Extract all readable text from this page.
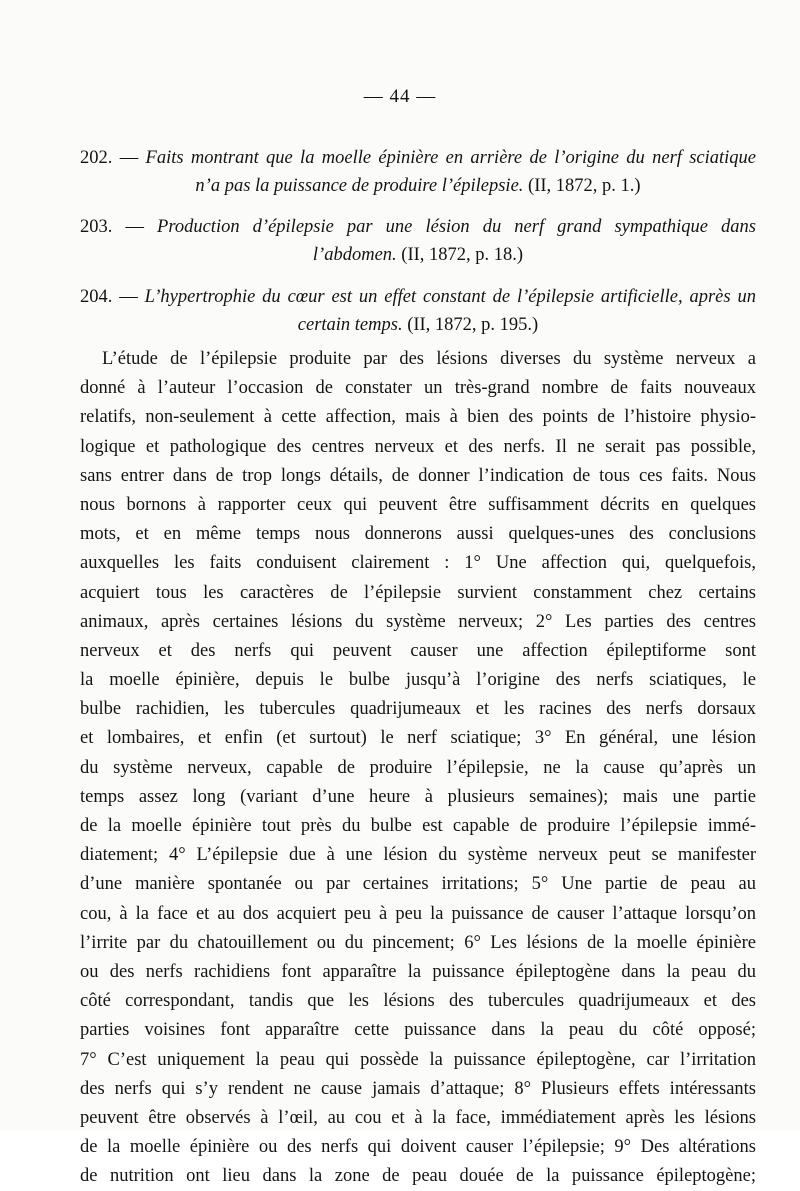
— 44 —
202. — Faits montrant que la moelle épinière en arrière de l’origine du nerf sciatique
n’a pas la puissance de produire l’épilepsie. (II, 1872, p. 1.)
203. — Production d’épilepsie par une lésion du nerf grand sympathique dans
l’abdomen. (II, 1872, p. 18.)
204. — L’hypertrophie du cœur est un effet constant de l’épilepsie artificielle, après un
certain temps. (II, 1872, p. 195.)
L’étude de l’épilepsie produite par des lésions diverses du système nerveux a
donné à l’auteur l’occasion de constater un très-grand nombre de faits nouveaux
relatifs, non-seulement à cette affection, mais à bien des points de l’histoire physio-
logique et pathologique des centres nerveux et des nerfs. Il ne serait pas possible,
sans entrer dans de trop longs détails, de donner l’indication de tous ces faits. Nous
nous bornons à rapporter ceux qui peuvent être suffisamment décrits en quelques
mots, et en même temps nous donnerons aussi quelques-unes des conclusions
auxquelles les faits conduisent clairement : 1° Une affection qui, quelquefois,
acquiert tous les caractères de l’épilepsie survient constamment chez certains
animaux, après certaines lésions du système nerveux; 2° Les parties des centres
nerveux et des nerfs qui peuvent causer une affection épileptiforme sont
la moelle épinière, depuis le bulbe jusqu’à l’origine des nerfs sciatiques, le
bulbe rachidien, les tubercules quadrijumeaux et les racines des nerfs dorsaux
et lombaires, et enfin (et surtout) le nerf sciatique; 3° En général, une lésion
du système nerveux, capable de produire l’épilepsie, ne la cause qu’après un
temps assez long (variant d’une heure à plusieurs semaines); mais une partie
de la moelle épinière tout près du bulbe est capable de produire l’épilepsie immé-
diatement; 4° L’épilepsie due à une lésion du système nerveux peut se manifester
d’une manière spontanée ou par certaines irritations; 5° Une partie de peau au
cou, à la face et au dos acquiert peu à peu la puissance de causer l’attaque lorsqu’on
l’irrite par du chatouillement ou du pincement; 6° Les lésions de la moelle épinière
ou des nerfs rachidiens font apparaître la puissance épileptogène dans la peau du
côté correspondant, tandis que les lésions des tubercules quadrijumeaux et des
parties voisines font apparaître cette puissance dans la peau du côté opposé;
7° C’est uniquement la peau qui possède la puissance épileptogène, car l’irritation
des nerfs qui s’y rendent ne cause jamais d’attaque; 8° Plusieurs effets intéressants
peuvent être observés à l’œil, au cou et à la face, immédiatement après les lésions
de la moelle épinière ou des nerfs qui doivent causer l’épilepsie; 9° Des altérations
de nutrition ont lieu dans la zone de peau douée de la puissance épileptogène;
